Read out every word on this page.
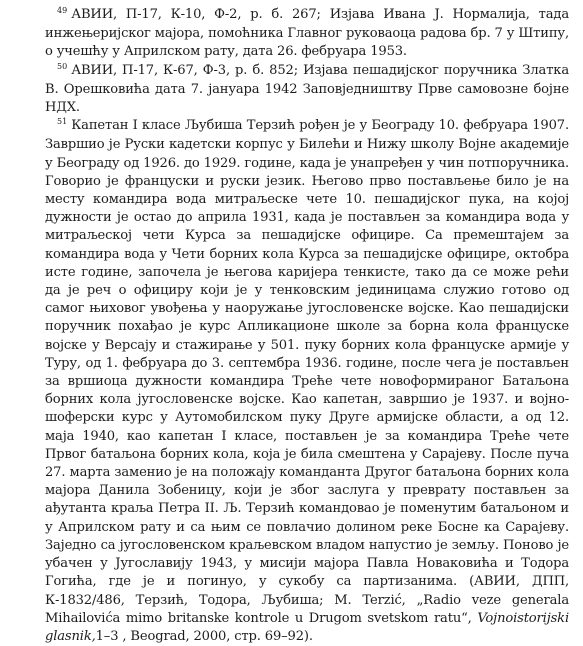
$^{49}$ АВИИ, П-17, К-10, Ф-2, р. б. 267; Изјава Ивана Ј. Нормалија, тада инжењеријског мајора, помоћника Главног руковаоца радова бр. 7 у Штипу, о учешћу у Априлском рату, дата 26. фебруара 1953.

$^{50}$ АВИИ, П-17, К-67, Ф-3, р. б. 852; Изјава пешадијског поручника Златка В. Орешковића дата 7. јануара 1942 Заповједништву Прве самовозне бојне НДХ.

$^{51}$ Капетан I класе Љубиша Терзић рођен је у Београду 10. фебруара 1907. Завршио је Руски кадетски корпус у Билећи и Нижу школу Војне академије у Београду од 1926. до 1929. године, када је унапређен у чин потпоручника. Говорио је француски и руски језик. Његово прво постављење било је на месту командира вода митраљеске чете 10. пешадијског пука, на којој дужности је остао до априла 1931, када је постављен за командира вода у митраљеској чети Курса за пешадијске официре. Са премештајем за командира вода у Чети борних кола Курса за пешадијске официре, октобра исте године, започела је његова каријера тенкисте, тако да се може рећи да је реч о официру који је у тенковским јединицама служио готово од самог њиховог увођења у наоружање југословенске војске. Као пешадијски поручник похађао је курс Апликационе школе за борна кола француске војске у Версају и стажирање у 501. пуку борних кола француске армије у Туру, од 1. фебруара до 3. септембра 1936. године, после чега је постављен за вршиоца дужности командира Треће чете новоформираног Батаљона борних кола југословенске војске. Као капетан, завршио је 1937. и војно-шоферски курс у Аутомобилском пуку Друге армијске области, а од 12. маја 1940, као капетан I класе, постављен је за командира Треће чете Првог батаљона борних кола, која је била смештена у Сарајеву. После пуча 27. марта заменио је на положају команданта Другог батаљона борних кола мајора Данила Зобеницу, који је због заслуга у преврату постављен за ађутанта краља Петра II. Љ. Терзић командовао је поменутим батаљоном и у Априлском рату и са њим се повлачио долином реке Босне ка Сарајеву. Заједно са југословенском краљевском владом напустио је земљу. Поново је убачен у Југославију 1943, у мисији мајора Павла Новаковића и Тодора Гогића, где је и погинуо, у сукобу са партизанима. (АВИИ, ДПП, К-1832/486, Терзић, Тодора, Љубиша; M. Terzić, „Radio veze generala Mihailovića mimo britanske kontrole u Drugom svetskom ratu“, Vojnoistorijski glasnik,1–3 , Beograd, 2000, стр. 69–92).
